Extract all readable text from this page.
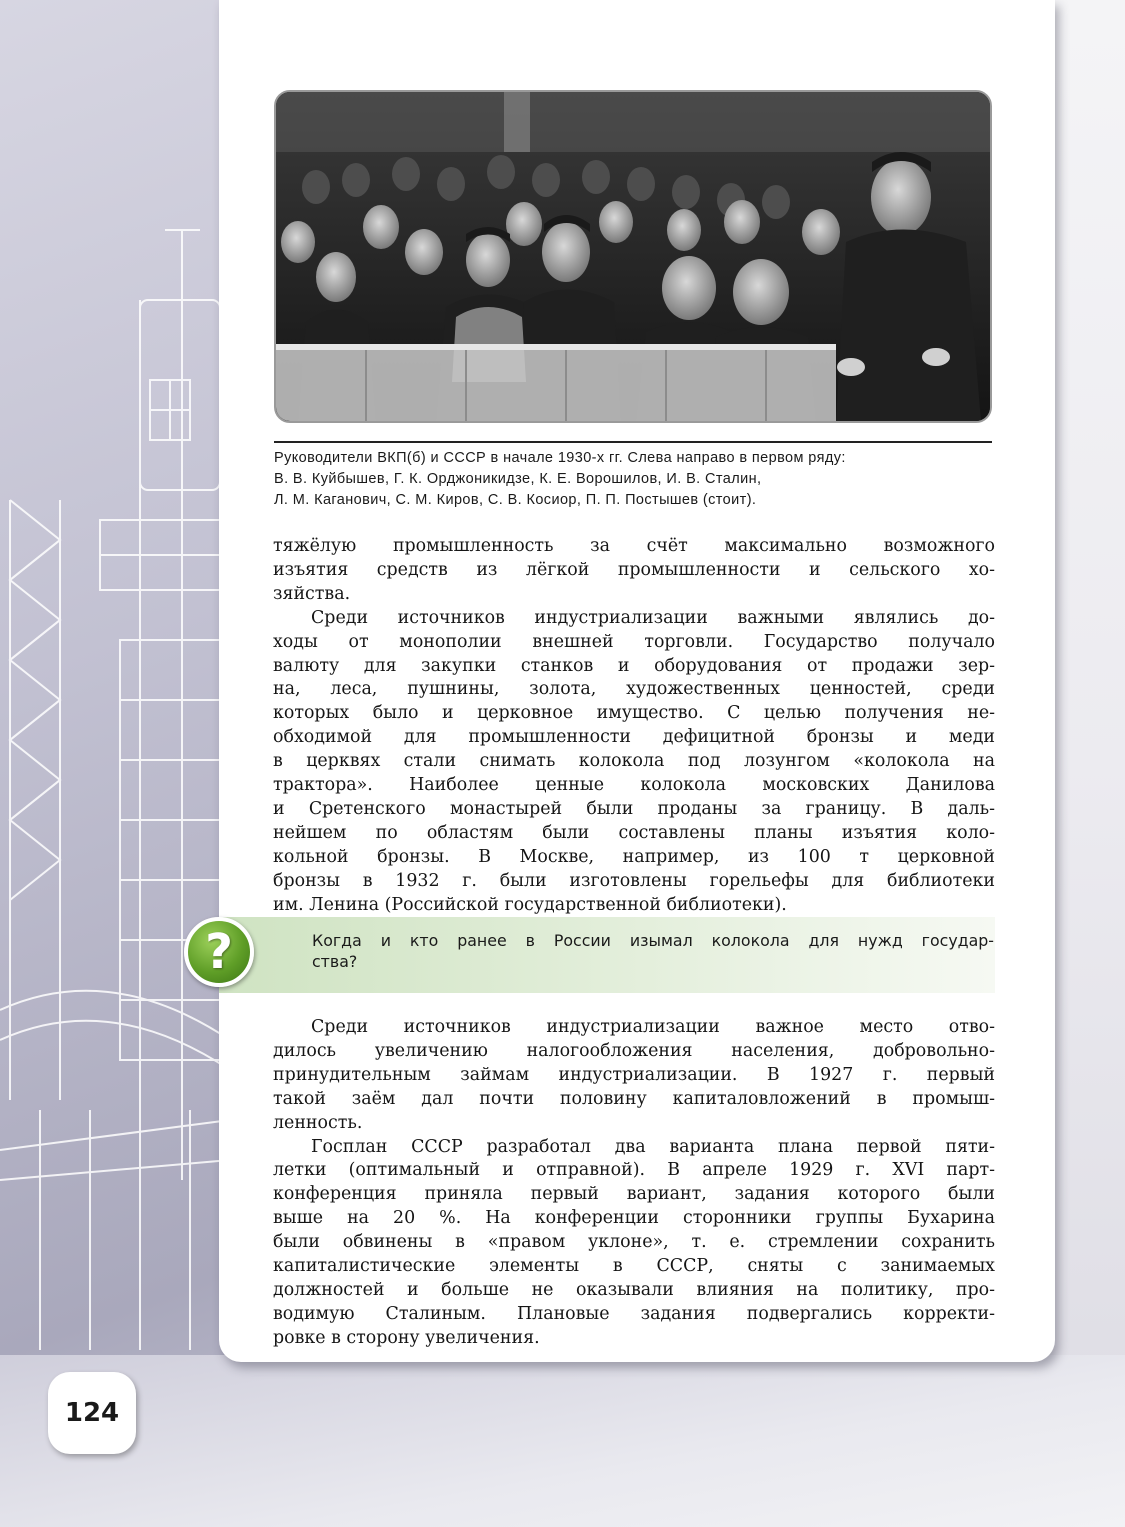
Руководители ВКП(б) и СССР в начале 1930-х гг. Слева направо в первом ряду:
В. В. Куйбышев, Г. К. Орджоникидзе, К. Е. Ворошилов, И. В. Сталин,
Л. М. Каганович, С. М. Киров, С. В. Косиор, П. П. Постышев (стоит).
тяжёлую промышленность за счёт максимально возможного
изъятия средств из лёгкой промышленности и сельского хо-
зяйства.
Среди источников индустриализации важными являлись до-
ходы от монополии внешней торговли. Государство получало
валюту для закупки станков и оборудования от продажи зер-
на, леса, пушнины, золота, художественных ценностей, среди
которых было и церковное имущество. С целью получения не-
обходимой для промышленности дефицитной бронзы и меди
в церквях стали снимать колокола под лозунгом «колокола на
трактора». Наиболее ценные колокола московских Данилова
и Сретенского монастырей были проданы за границу. В даль-
нейшем по областям были составлены планы изъятия коло-
кольной бронзы. В Москве, например, из 100 т церковной
бронзы в 1932 г. были изготовлены горельефы для библиотеки
им. Ленина (Российской государственной библиотеки).
?	Когда и кто ранее в России изымал колокола для нужд государ-
ства?
Среди источников индустриализации важное место отво-
дилось увеличению налогообложения населения, добровольно-
принудительным займам индустриализации. В 1927 г. первый
такой заём дал почти половину капиталовложений в промыш-
ленность.
Госплан СССР разработал два варианта плана первой пяти-
летки (оптимальный и отправной). В апреле 1929 г. XVI парт-
конференция приняла первый вариант, задания которого были
выше на 20 %. На конференции сторонники группы Бухарина
были обвинены в «правом уклоне», т. е. стремлении сохранить
капиталистические элементы в СССР, сняты с занимаемых
должностей и больше не оказывали влияния на политику, про-
водимую Сталиным. Плановые задания подвергались корректи-
ровке в сторону увеличения.
124
